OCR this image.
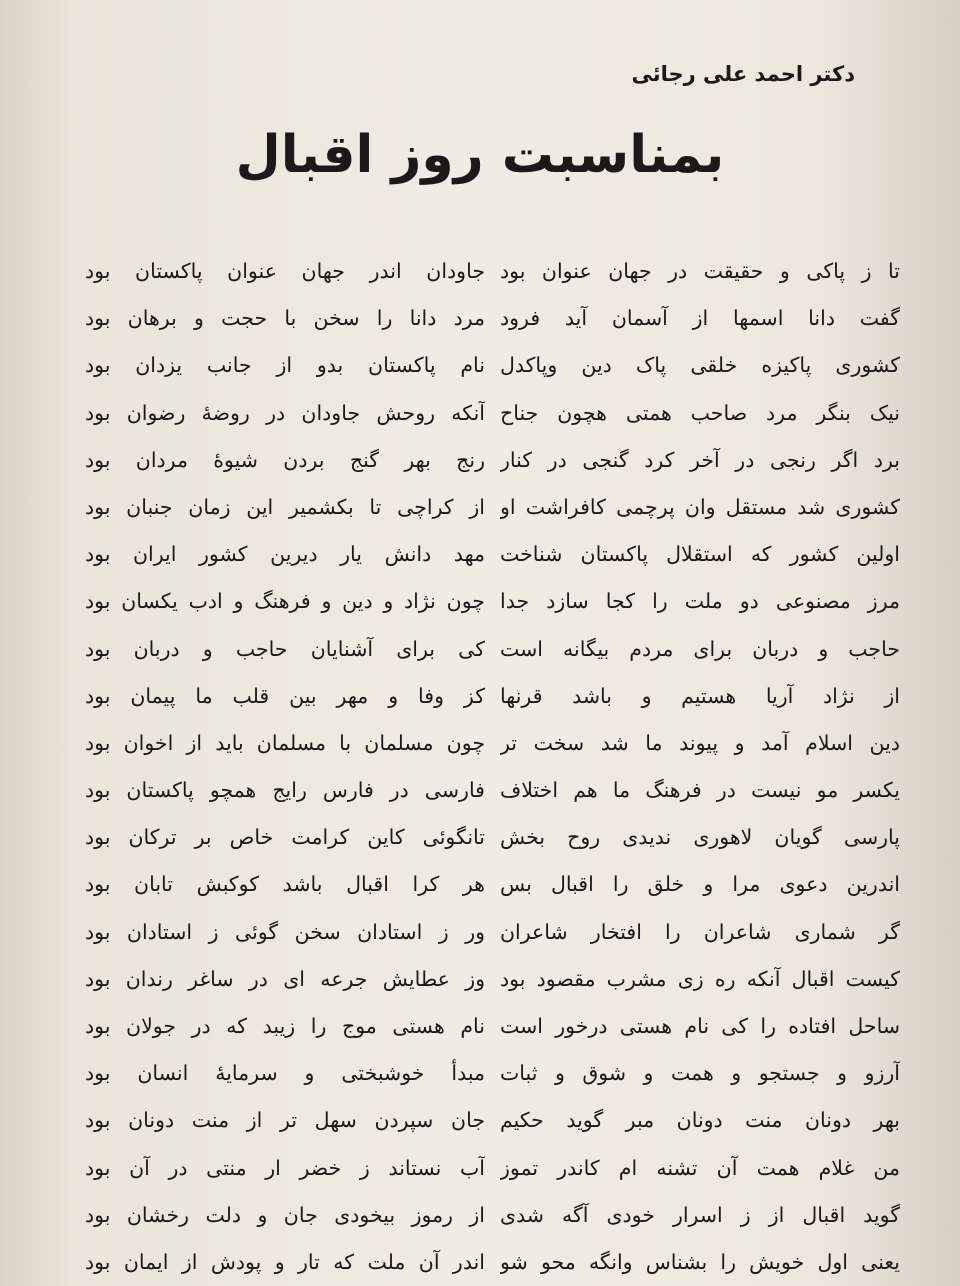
دکتر احمد علی رجائی
بمناسبت روز اقبال
تا ز پاکی و حقیقت در جهان عنوان بود
گفت دانا اسمها از آسمان آید فرود
کشوری پاکیزه خلقی پاک دین وپاکدل
نیک بنگر مرد صاحب همتی هچون جناح
برد اگر رنجی در آخر کرد گنجی در کنار
کشوری شد مستقل وان پرچمی کافراشت او
اولین کشور که استقلال پاکستان شناخت
مرز مصنوعی دو ملت را کجا سازد جدا
حاجب و دربان برای مردم بیگانه است
از نژاد آریا هستیم و باشد قرنها
دین اسلام آمد و پیوند ما شد سخت تر
یکسر مو نیست در فرهنگ ما هم اختلاف
پارسی گویان لاهوری ندیدی روح بخش
اندرین دعوی مرا و خلق را اقبال بس
گر شماری شاعران را افتخار شاعران
کیست اقبال آنکه ره زی مشرب مقصود بود
ساحل افتاده را کی نام هستی درخور است
آرزو و جستجو و همت و شوق و ثبات
بهر دونان منت دونان مبر گوید حکیم
من غلام همت آن تشنه ام کاندر تموز
گوید اقبال از ز اسرار خودی آگه شدی
یعنی اول خویش را بشناس وانگه محو شو
جاودان اندر جهان عنوان پاکستان بود
مرد دانا را سخن با حجت و برهان بود
نام پاکستان بدو از جانب یزدان بود
آنکه روحش جاودان در روضهٔ رضوان بود
رنج بهر گنج بردن شیوهٔ مردان بود
از کراچی تا بکشمیر این زمان جنبان بود
مهد دانش یار دیرین کشور ایران بود
چون نژاد و دین و فرهنگ و ادب یکسان بود
کی برای آشنایان حاجب و دربان بود
کز وفا و مهر بین قلب ما پیمان بود
چون مسلمان با مسلمان باید از اخوان بود
فارسی در فارس رایج همچو پاکستان بود
تانگوئی کاین کرامت خاص بر ترکان بود
هر کرا اقبال باشد کوکبش تابان بود
ور ز استادان سخن گوئی ز استادان بود
وز عطایش جرعه ای در ساغر رندان بود
نام هستی موج را زیبد که در جولان بود
مبدأ خوشبختی و سرمایهٔ انسان بود
جان سپردن سهل تر از منت دونان بود
آب نستاند ز خضر ار منتی در آن بود
از رموز بیخودی جان و دلت رخشان بود
اندر آن ملت که تار و پودش از ایمان بود
